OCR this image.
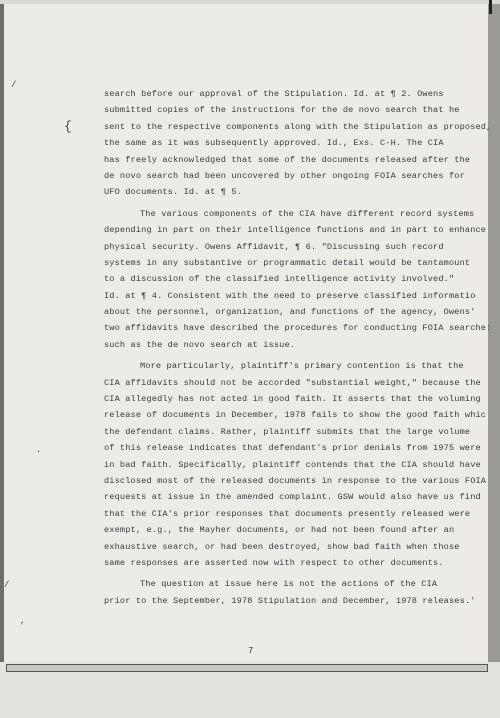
search before our approval of the Stipulation. Id. at ¶ 2. Owens
submitted copies of the instructions for the de novo search that he
sent to the respective components along with the Stipulation as proposed,
the same as it was subsequently approved. Id., Exs. C-H. The CIA
has freely acknowledged that some of the documents released after the
de novo search had been uncovered by other ongoing FOIA searches for
UFO documents. Id. at ¶ 5.
The various components of the CIA have different record systems
depending in part on their intelligence functions and in part to enhance
physical security. Owens Affidavit, ¶ 6. "Discussing such record
systems in any substantive or programmatic detail would be tantamount
to a discussion of the classified intelligence activity involved."
Id. at ¶ 4. Consistent with the need to preserve classified informatio
about the personnel, organization, and functions of the agency, Owens'
two affidavits have described the procedures for conducting FOIA searche:
such as the de novo search at issue.
More particularly, plaintiff's primary contention is that the
CIA affidavits should not be accorded "substantial weight," because the
CIA allegedly has not acted in good faith. It asserts that the voluming
release of documents in December, 1978 fails to show the good faith whic
the defendant claims. Rather, plaintiff submits that the large volume
of this release indicates that defendant's prior denials from 1975 were
in bad faith. Specifically, plaintiff contends that the CIA should have
disclosed most of the released documents in response to the various FOIA
requests at issue in the amended complaint. GSW would also have us find
that the CIA's prior responses that documents presently released were
exempt, e.g., the Mayher documents, or had not been found after an
exhaustive search, or had been destroyed, show bad faith when those
same responses are asserted now with respect to other documents.
The question at issue here is not the actions of the CIA
prior to the September, 1978 Stipulation and December, 1978 releases.'
7
/
{
·
/
,
